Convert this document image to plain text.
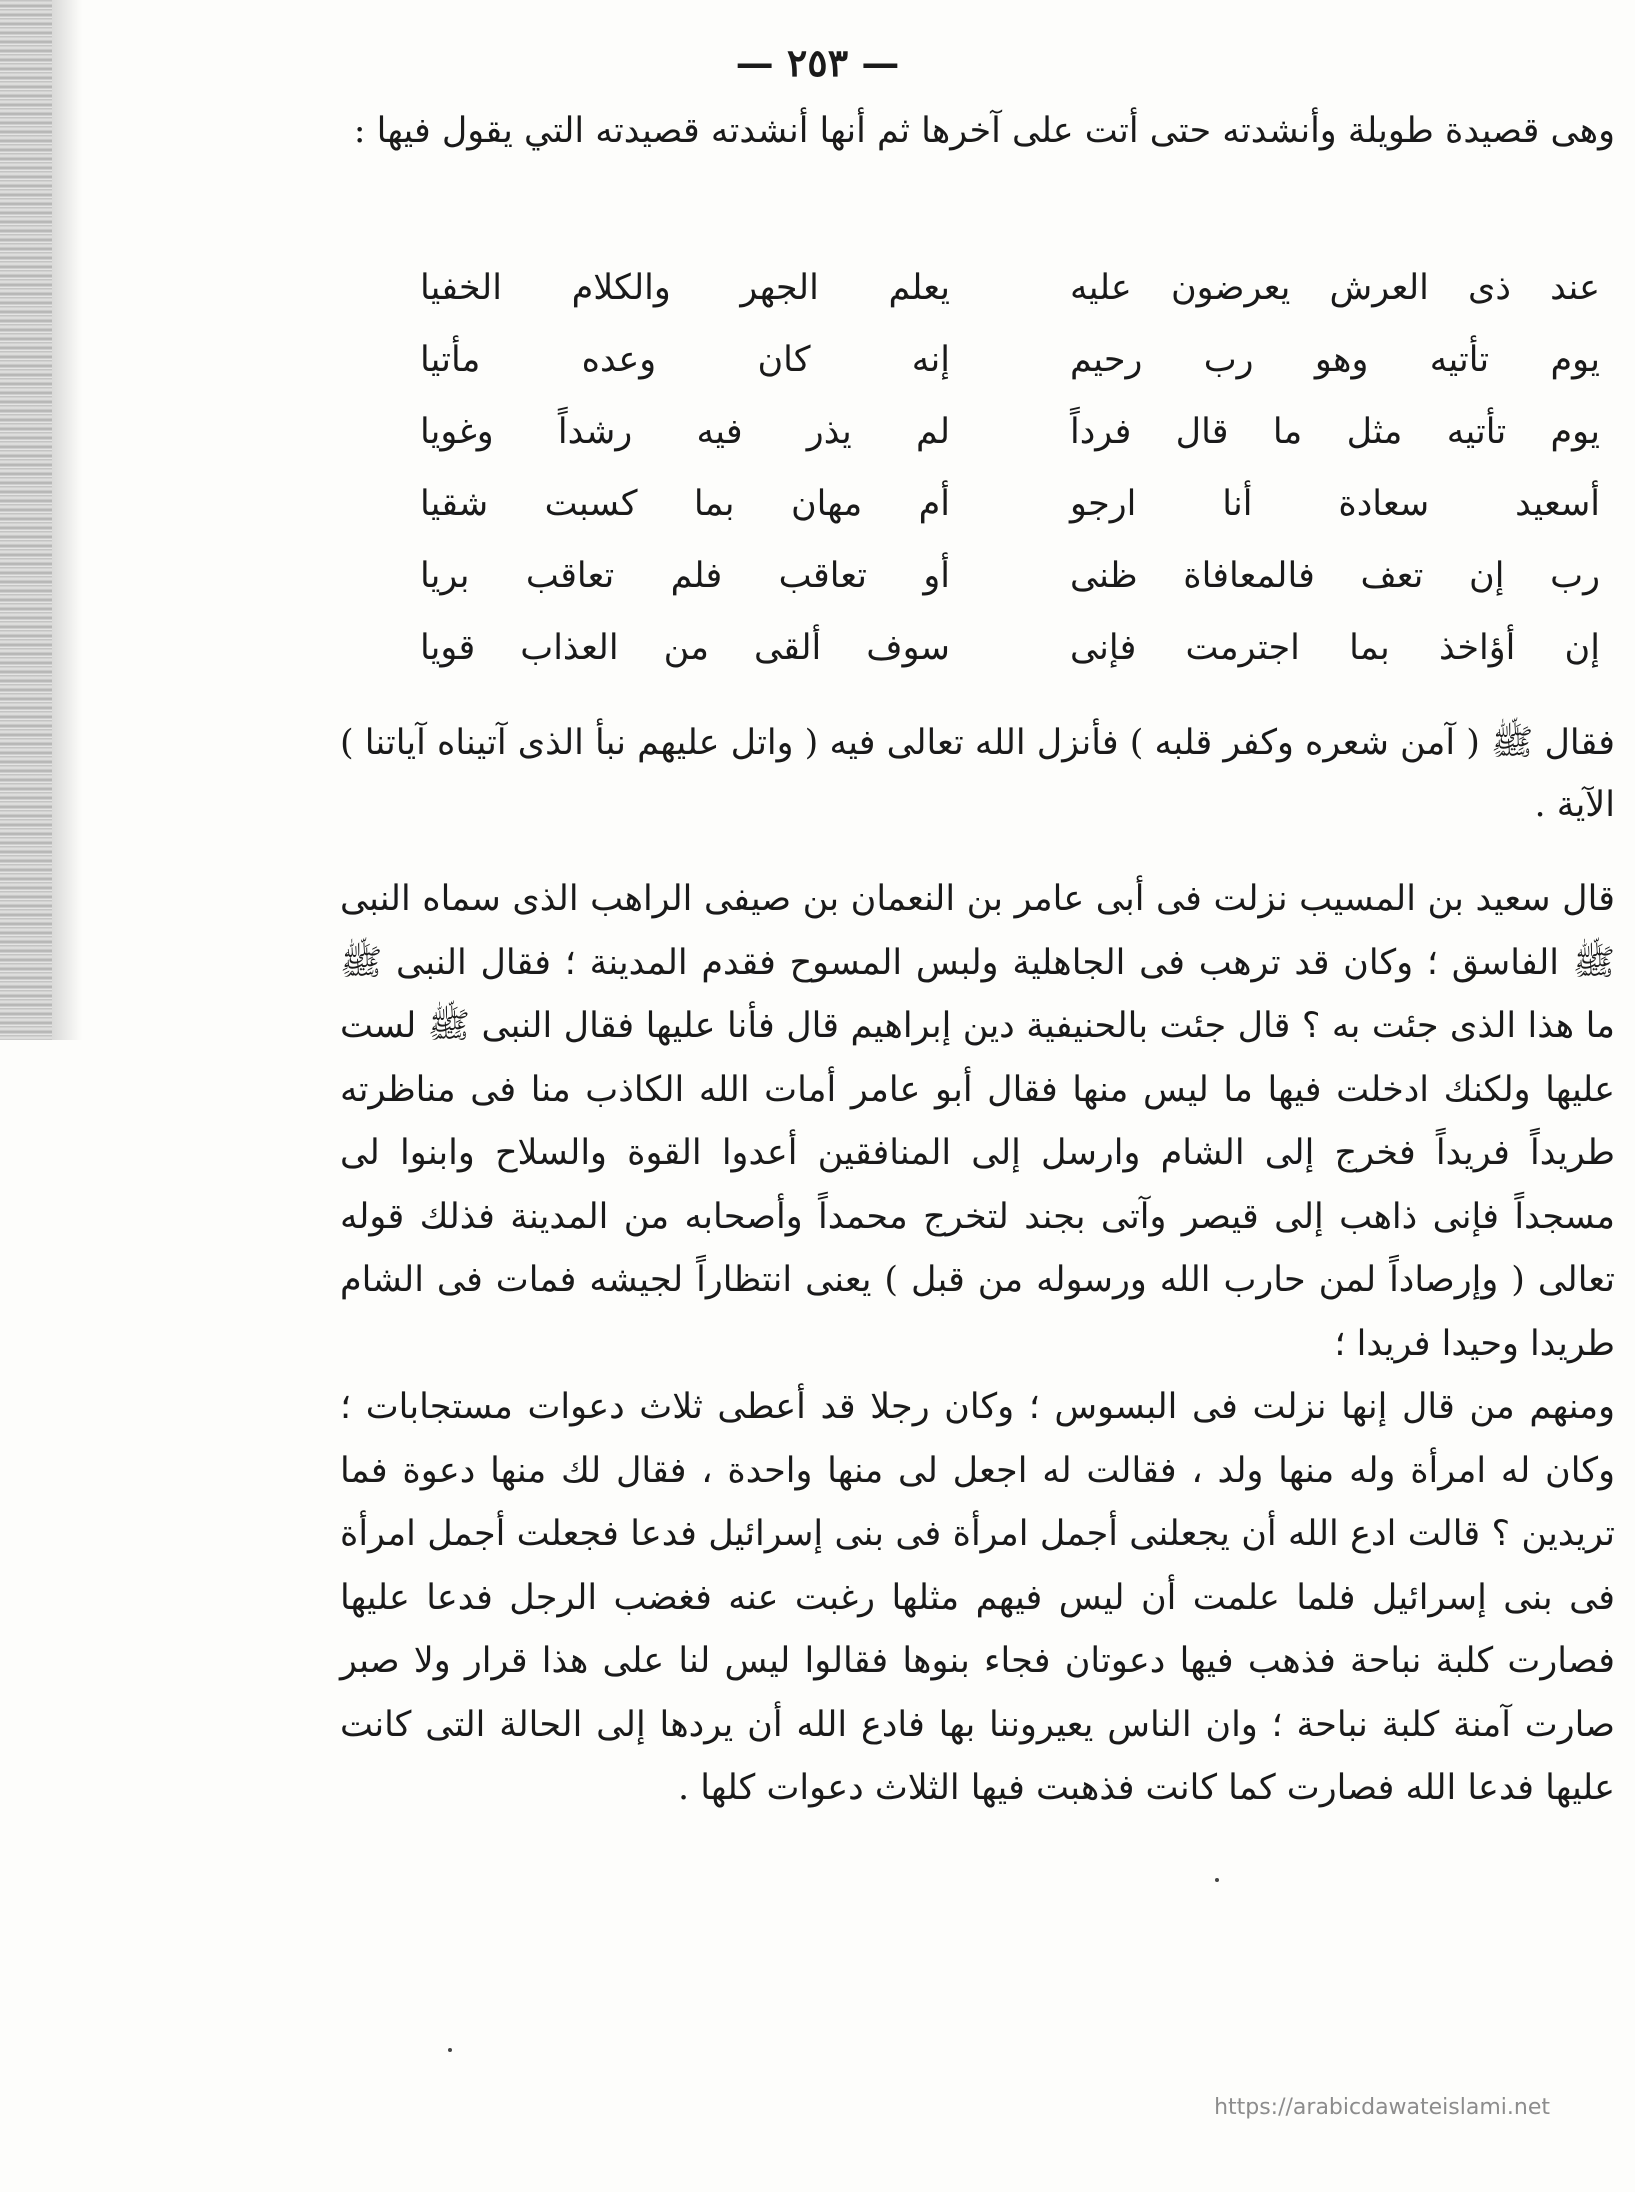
— ٢٥٣ —
وهى قصيدة طويلة وأنشدته حتى أتت على آخرها ثم أنها أنشدته قصيدته التي يقول فيها :
عند ذى العرش يعرضون عليه
يعلم الجهر والكلام الخفيا
يوم تأتيه وهو رب رحيم
إنه كان وعده مأتيا
يوم تأتيه مثل ما قال فرداً
لم يذر فيه رشداً وغويا
أسعيد سعادة أنا ارجو
أم مهان بما كسبت شقيا
رب إن تعف فالمعافاة ظنى
أو تعاقب فلم تعاقب بريا
إن أؤاخذ بما اجترمت فإنى
سوف ألقى من العذاب قويا
فقال ﷺ ( آمن شعره وكفر قلبه ) فأنزل الله تعالى فيه ( واتل عليهم نبأ الذى آتيناه آياتنا ) الآية .

قال سعيد بن المسيب نزلت فى أبى عامر بن النعمان بن صيفى الراهب الذى سماه النبى ﷺ الفاسق ؛ وكان قد ترهب فى الجاهلية ولبس المسوح فقدم المدينة ؛ فقال النبى ﷺ ما هذا الذى جئت به ؟ قال جئت بالحنيفية دين إبراهيم قال فأنا عليها فقال النبى ﷺ لست عليها ولكنك ادخلت فيها ما ليس منها فقال أبو عامر أمات الله الكاذب منا فى مناظرته طريداً فريداً فخرج إلى الشام وارسل إلى المنافقين أعدوا القوة والسلاح وابنوا لى مسجداً فإنى ذاهب إلى قيصر وآتى بجند لتخرج محمداً وأصحابه من المدينة فذلك قوله تعالى ( وإرصاداً لمن حارب الله ورسوله من قبل ) يعنى انتظاراً لجيشه فمات فى الشام طريدا وحيدا فريدا ؛

ومنهم من قال إنها نزلت فى البسوس ؛ وكان رجلا قد أعطى ثلاث دعوات مستجابات ؛ وكان له امرأة وله منها ولد ، فقالت له اجعل لى منها واحدة ، فقال لك منها دعوة فما تريدين ؟ قالت ادع الله أن يجعلنى أجمل امرأة فى بنى إسرائيل فدعا فجعلت أجمل امرأة فى بنى إسرائيل فلما علمت أن ليس فيهم مثلها رغبت عنه فغضب الرجل فدعا عليها فصارت كلبة نباحة فذهب فيها دعوتان فجاء بنوها فقالوا ليس لنا على هذا قرار ولا صبر صارت آمنة كلبة نباحة ؛ وان الناس يعيروننا بها فادع الله أن يردها إلى الحالة التى كانت عليها فدعا الله فصارت كما كانت فذهبت فيها الثلاث دعوات كلها .

https://arabicdawateislami.net
